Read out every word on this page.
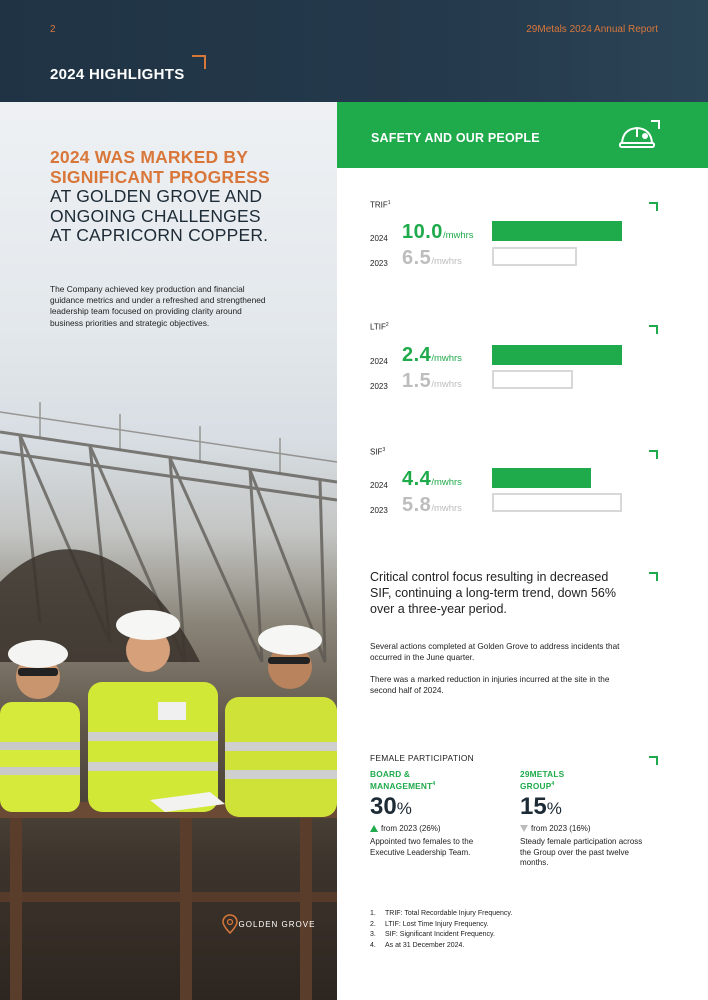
2	29Metals 2024 Annual Report
2024 HIGHLIGHTS
2024 WAS MARKED BY
SIGNIFICANT PROGRESS
AT GOLDEN GROVE AND
ONGOING CHALLENGES
AT CAPRICORN COPPER.

The Company achieved key production and financial guidance metrics and under a refreshed and strengthened leadership team focused on providing clarity around business priorities and strategic objectives.

GOLDEN GROVE
SAFETY AND OUR PEOPLE
TRIF$^1$
2024 10.0/mwhrs
2023 6.5/mwhrs
LTIF$^2$
2024 2.4/mwhrs
2023 1.5/mwhrs
SIF$^3$
2024 4.4/mwhrs
2023 5.8/mwhrs

Critical control focus resulting in decreased SIF, continuing a long-term trend, down 56% over a three-year period.

Several actions completed at Golden Grove to address incidents that occurred in the June quarter.

There was a marked reduction in injuries incurred at the site in the second half of 2024.

FEMALE PARTICIPATION
BOARD &
MANAGEMENT$^4$
30%
from 2023 (26%)
Appointed two females to the Executive Leadership Team.
29METALS
GROUP$^4$
15%
from 2023 (16%)
Steady female participation across the Group over the past twelve months.
1. TRIF: Total Recordable Injury Frequency.
2. LTIF: Lost Time Injury Frequency.
3. SIF: Significant Incident Frequency.
4. As at 31 December 2024.
